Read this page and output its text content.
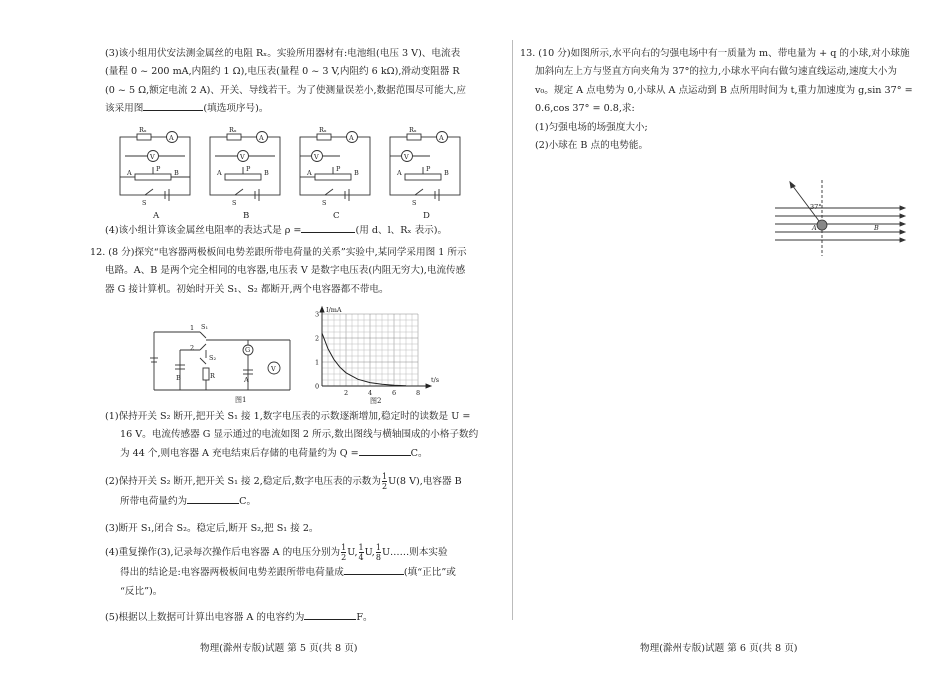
(3)该小组用伏安法测金属丝的电阻 Rₓ。实验所用器材有:电池组(电压 3 V)、电流表
(量程 0 ~ 200 mA,内阻约 1 Ω),电压表(量程 0 ~ 3 V,内阻约 6 kΩ),滑动变阻器 R
(0 ~ 5 Ω,额定电流 2 A)、开关、导线若干。为了使测量误差小,数据范围尽可能大,应
该采用图	(填选项序号)。
Rₓ
A
V
A	P B
S
Rₓ
A
V
A	P B
S
Rₓ
A
V
A	P B
S
Rₓ
A
V
A	P B
S
A	B	C	D
(4)该小组计算该金属丝电阻率的表达式是 ρ =	(用 d、l、Rₓ 表示)。
12. (8 分)探究“电容器两极板间电势差跟所带电荷量的关系”实验中,某同学采用图 1 所示
电路。A、B 是两个完全相同的电容器,电压表 V 是数字电压表(内阻无穷大),电流传感
器 G 接计算机。初始时开关 S₁、S₂ 都断开,两个电容器都不带电。
1 S₁
2
S₂
B	R
G
A
V
图1
I/mA
t/s
3
2
1
0
2	4	6	8
图2
(1)保持开关 S₂ 断开,把开关 S₁ 接 1,数字电压表的示数逐渐增加,稳定时的读数是 U =
16 V。电流传感器 G 显示通过的电流如图 2 所示,数出图线与横轴围成的小格子数约
为 44 个,则电容器 A 充电结束后存储的电荷量约为 Q =	C。
(2)保持开关 S₂ 断开,把开关 S₁ 接 2,稳定后,数字电压表的示数为 $\frac{1}{2} U(8$ V),电容器 B
所带电荷量约为	C。
(3)断开 S₁,闭合 S₂。稳定后,断开 S₂,把 S₁ 接 2。
(4)重复操作(3),记录每次操作后电容器 A 的电压分别为 $\frac{1}{2} U$, $\frac{1}{4} U$, $\frac{1}{8}$ U……则本实验
得出的结论是:电容器两极板间电势差跟所带电荷量成	(填“正比”或
“反比”)。
(5)根据以上数据可计算出电容器 A 的电容约为	F。
物理(滁州专版)试题 第 5 页(共 8 页)
13. (10 分)如图所示,水平向右的匀强电场中有一质量为 m、带电量为 + q 的小球,对小球施
加斜向左上方与竖直方向夹角为 37°的拉力,小球水平向右做匀速直线运动,速度大小为
v₀。规定 A 点电势为 0,小球从 A 点运动到 B 点所用时间为 t,重力加速度为 g,sin 37° =
0.6,cos 37° = 0.8,求:
(1)匀强电场的场强度大小;
(2)小球在 B 点的电势能。
37°
A	B
物理(滁州专版)试题 第 6 页(共 8 页)
